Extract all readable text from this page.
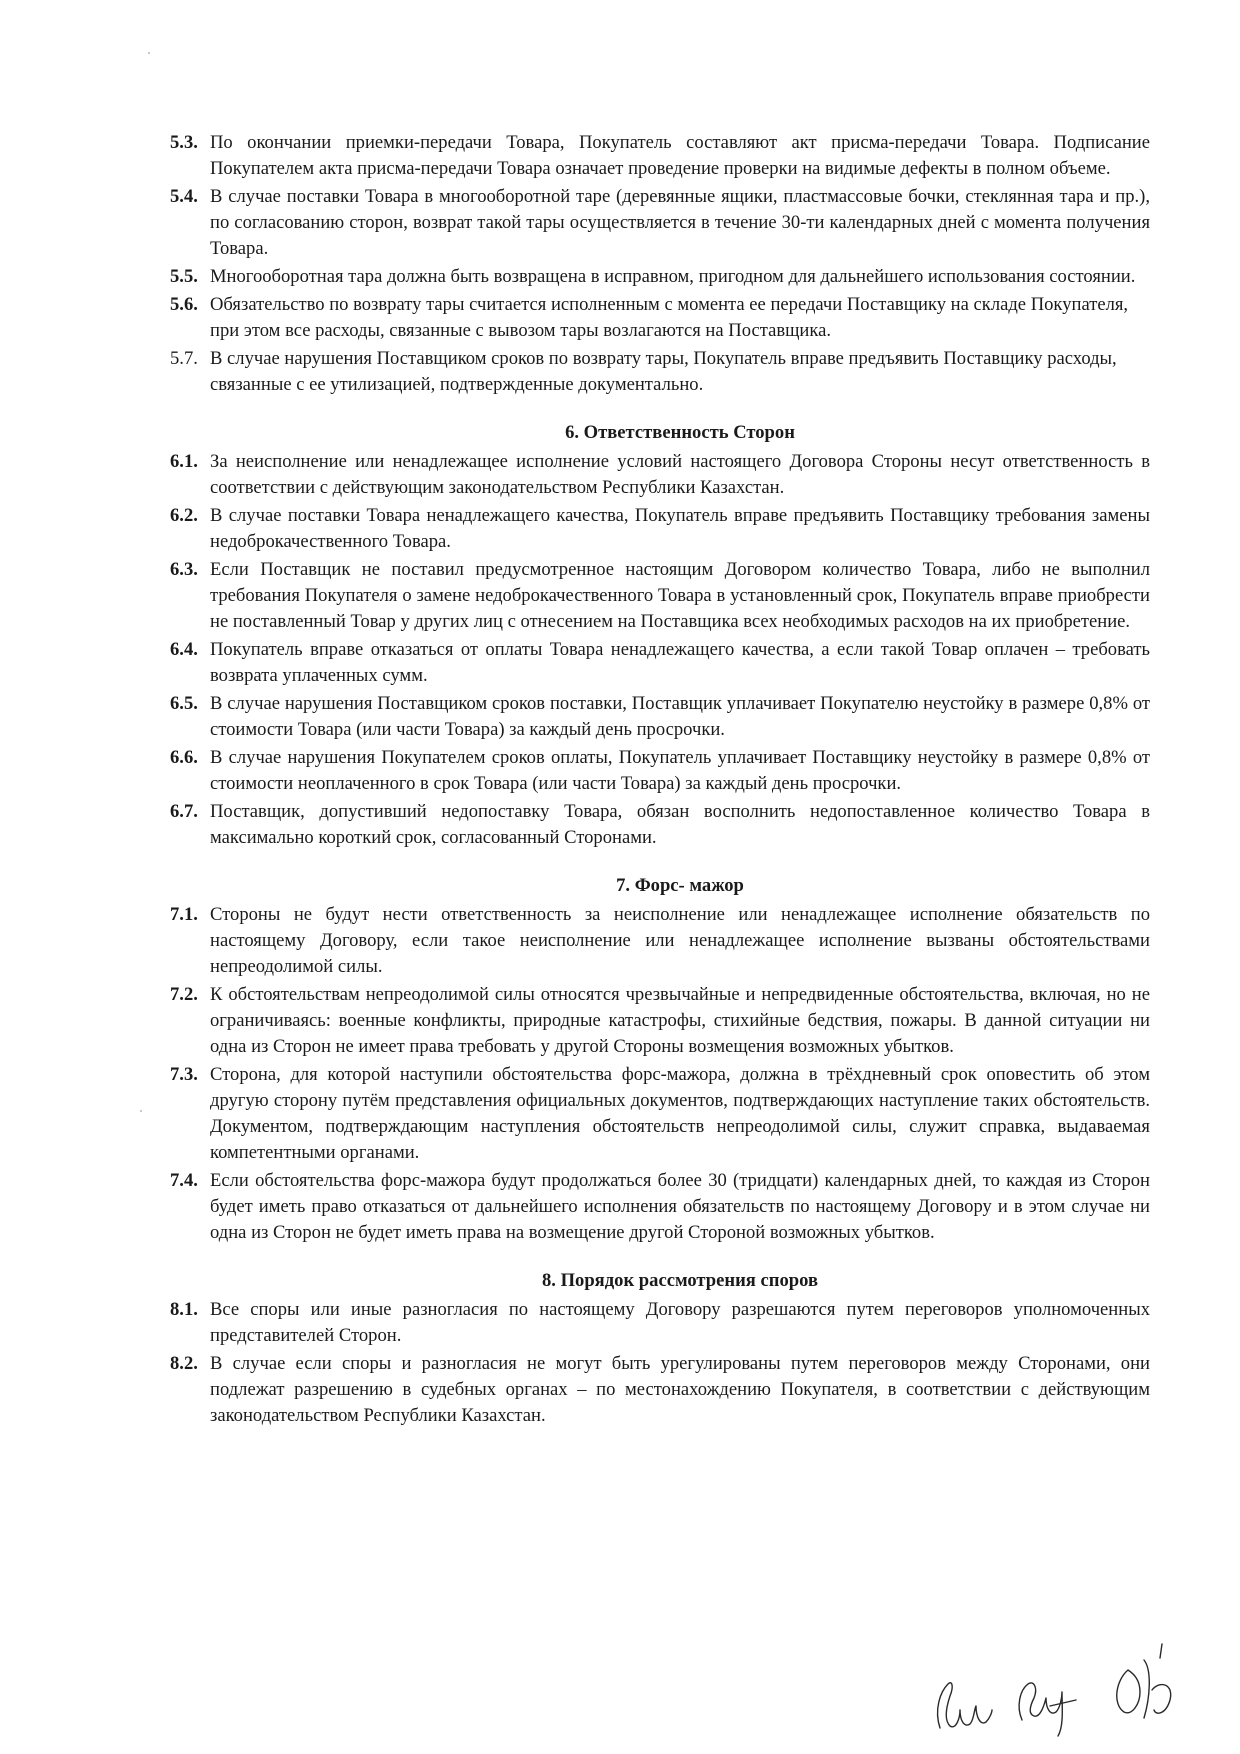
5.3. По окончании приемки-передачи Товара, Покупатель составляют акт присма-передачи Товара. Подписание Покупателем акта присма-передачи Товара означает проведение проверки на видимые дефекты в полном объеме.
5.4. В случае поставки Товара в многооборотной таре (деревянные ящики, пластмассовые бочки, стеклянная тара и пр.), по согласованию сторон, возврат такой тары осуществляется в течение 30-ти календарных дней с момента получения Товара.
5.5. Многооборотная тара должна быть возвращена в исправном, пригодном для дальнейшего использования состоянии.
5.6. Обязательство по возврату тары считается исполненным с момента ее передачи Поставщику на складе Покупателя, при этом все расходы, связанные с вывозом тары возлагаются на Поставщика.
5.7. В случае нарушения Поставщиком сроков по возврату тары, Покупатель вправе предъявить Поставщику расходы, связанные с ее утилизацией, подтвержденные документально.
6. Ответственность Сторон
6.1. За неисполнение или ненадлежащее исполнение условий настоящего Договора Стороны несут ответственность в соответствии с действующим законодательством Республики Казахстан.
6.2. В случае поставки Товара ненадлежащего качества, Покупатель вправе предъявить Поставщику требования замены недоброкачественного Товара.
6.3. Если Поставщик не поставил предусмотренное настоящим Договором количество Товара, либо не выполнил требования Покупателя о замене недоброкачественного Товара в установленный срок, Покупатель вправе приобрести не поставленный Товар у других лиц с отнесением на Поставщика всех необходимых расходов на их приобретение.
6.4. Покупатель вправе отказаться от оплаты Товара ненадлежащего качества, а если такой Товар оплачен – требовать возврата уплаченных сумм.
6.5. В случае нарушения Поставщиком сроков поставки, Поставщик уплачивает Покупателю неустойку в размере 0,8% от стоимости Товара (или части Товара) за каждый день просрочки.
6.6. В случае нарушения Покупателем сроков оплаты, Покупатель уплачивает Поставщику неустойку в размере 0,8% от стоимости неоплаченного в срок Товара (или части Товара) за каждый день просрочки.
6.7. Поставщик, допустивший недопоставку Товара, обязан восполнить недопоставленное количество Товара в максимально короткий срок, согласованный Сторонами.
7. Форс- мажор
7.1. Стороны не будут нести ответственность за неисполнение или ненадлежащее исполнение обязательств по настоящему Договору, если такое неисполнение или ненадлежащее исполнение вызваны обстоятельствами непреодолимой силы.
7.2. К обстоятельствам непреодолимой силы относятся чрезвычайные и непредвиденные обстоятельства, включая, но не ограничиваясь: военные конфликты, природные катастрофы, стихийные бедствия, пожары. В данной ситуации ни одна из Сторон не имеет права требовать у другой Стороны возмещения возможных убытков.
7.3. Сторона, для которой наступили обстоятельства форс-мажора, должна в трёхдневный срок оповестить об этом другую сторону путём представления официальных документов, подтверждающих наступление таких обстоятельств. Документом, подтверждающим наступления обстоятельств непреодолимой силы, служит справка, выдаваемая компетентными органами.
7.4. Если обстоятельства форс-мажора будут продолжаться более 30 (тридцати) календарных дней, то каждая из Сторон будет иметь право отказаться от дальнейшего исполнения обязательств по настоящему Договору и в этом случае ни одна из Сторон не будет иметь права на возмещение другой Стороной возможных убытков.
8. Порядок рассмотрения споров
8.1. Все споры или иные разногласия по настоящему Договору разрешаются путем переговоров уполномоченных представителей Сторон.
8.2. В случае если споры и разногласия не могут быть урегулированы путем переговоров между Сторонами, они подлежат разрешению в судебных органах – по местонахождению Покупателя, в соответствии с действующим законодательством Республики Казахстан.
